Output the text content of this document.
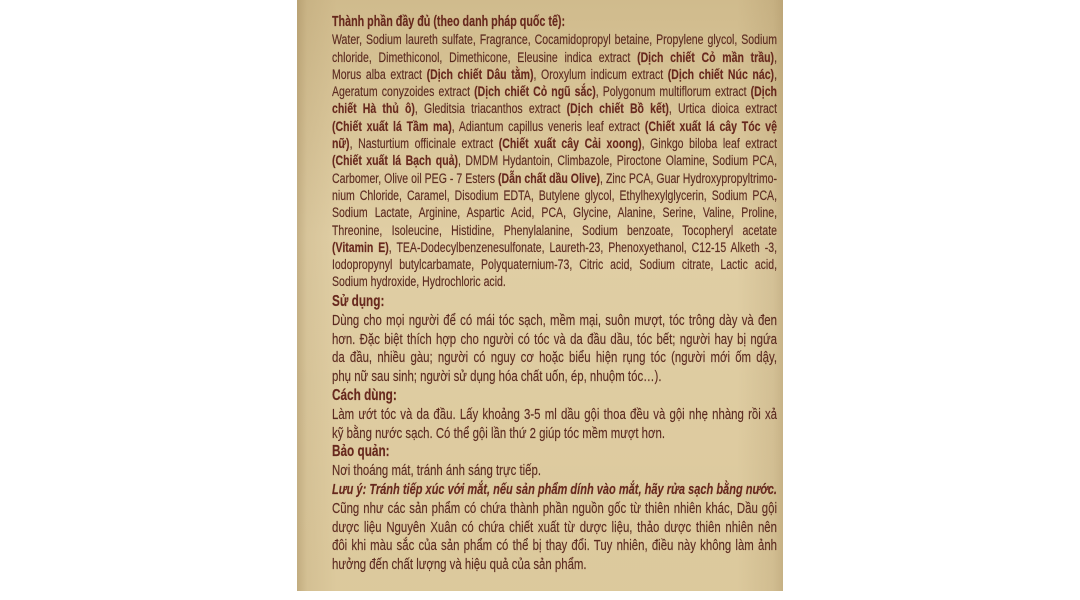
Thành phần đầy đủ (theo danh pháp quốc tế):
Water, Sodium laureth sulfate, Fragrance, Cocamidopropyl betaine, Propylene glycol, Sodium
chloride, Dimethiconol, Dimethicone, Eleusine indica extract (Dịch chiết Cỏ mần trầu),
Morus alba extract (Dịch chiết Dâu tằm), Oroxylum indicum extract (Dịch chiết Núc nác),
Ageratum conyzoides extract (Dịch chiết Cỏ ngũ sắc), Polygonum multiflorum extract (Dịch
chiết Hà thủ ô), Gleditsia triacanthos extract (Dịch chiết Bồ kết), Urtica dioica extract
(Chiết xuất lá Tầm ma), Adiantum capillus veneris leaf extract (Chiết xuất lá cây Tóc vệ
nữ), Nasturtium officinale extract (Chiết xuất cây Cải xoong), Ginkgo biloba leaf extract
(Chiết xuất lá Bạch quả), DMDM Hydantoin, Climbazole, Piroctone Olamine, Sodium PCA,
Carbomer, Olive oil PEG - 7 Esters (Dẫn chất dầu Olive), Zinc PCA, Guar Hydroxypropyltrimo-
nium Chloride, Caramel, Disodium EDTA, Butylene glycol, Ethylhexylglycerin, Sodium PCA,
Sodium Lactate, Arginine, Aspartic Acid, PCA, Glycine, Alanine, Serine, Valine, Proline,
Threonine, Isoleucine, Histidine, Phenylalanine, Sodium benzoate, Tocopheryl acetate
(Vitamin E), TEA-Dodecylbenzenesulfonate, Laureth-23, Phenoxyethanol, C12-15 Alketh -3,
Iodopropynyl butylcarbamate, Polyquaternium-73, Citric acid, Sodium citrate, Lactic acid,
Sodium hydroxide, Hydrochloric acid.
Sử dụng:
Dùng cho mọi người để có mái tóc sạch, mềm mại, suôn mượt, tóc trông dày và đen
hơn. Đặc biệt thích hợp cho người có tóc và da đầu dầu, tóc bết; người hay bị ngứa
da đầu, nhiều gàu; người có nguy cơ hoặc biểu hiện rụng tóc (người mới ốm dậy,
phụ nữ sau sinh; người sử dụng hóa chất uốn, ép, nhuộm tóc…).
Cách dùng:
Làm ướt tóc và da đầu. Lấy khoảng 3-5 ml dầu gội thoa đều và gội nhẹ nhàng rồi xả
kỹ bằng nước sạch. Có thể gội lần thứ 2 giúp tóc mềm mượt hơn.
Bảo quản:
Nơi thoáng mát, tránh ánh sáng trực tiếp.
Lưu ý: Tránh tiếp xúc với mắt, nếu sản phẩm dính vào mắt, hãy rửa sạch bằng nước.
Cũng như các sản phẩm có chứa thành phần nguồn gốc từ thiên nhiên khác, Dầu gội
dược liệu Nguyên Xuân có chứa chiết xuất từ dược liệu, thảo dược thiên nhiên nên
đôi khi màu sắc của sản phẩm có thể bị thay đổi. Tuy nhiên, điều này không làm ảnh
hưởng đến chất lượng và hiệu quả của sản phẩm.
